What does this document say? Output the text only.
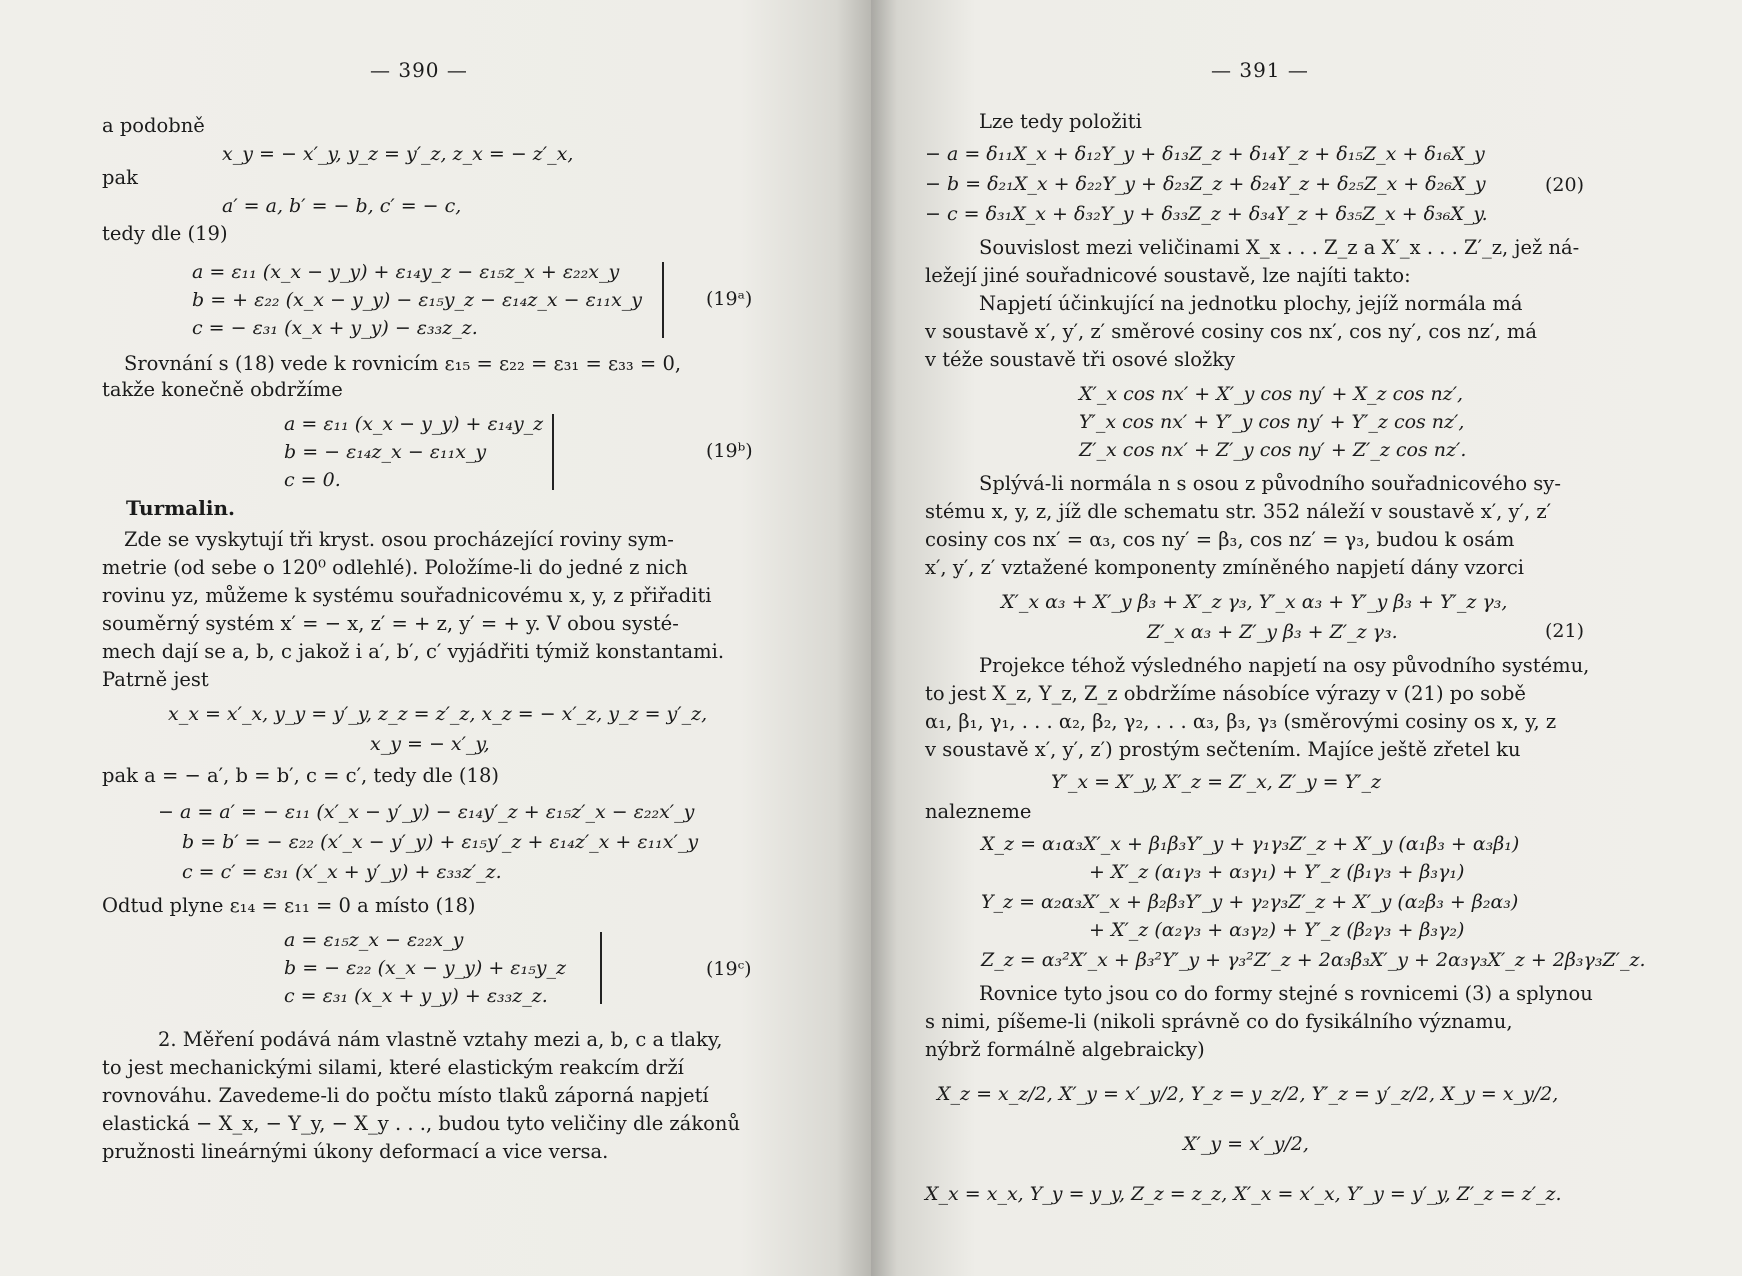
— 390 —
a podobně
x_y = − x′_y, y_z = y′_z, z_x = − z′_x,
pak
a′ = a, b′ = − b, c′ = − c,
tedy dle (19)
a = ε₁₁ (x_x − y_y) + ε₁₄y_z − ε₁₅z_x + ε₂₂x_y
b = + ε₂₂ (x_x − y_y) − ε₁₅y_z − ε₁₄z_x − ε₁₁x_y
c = − ε₃₁ (x_x + y_y) − ε₃₃z_z.
(19ᵃ)
Srovnání s (18) vede k rovnicím ε₁₅ = ε₂₂ = ε₃₁ = ε₃₃ = 0,
takže konečně obdržíme
a = ε₁₁ (x_x − y_y) + ε₁₄y_z
b = − ε₁₄z_x − ε₁₁x_y
c = 0.
(19ᵇ)
Turmalin.
Zde se vyskytují tři kryst. osou procházející roviny sym-
metrie (od sebe o 120⁰ odlehlé). Položíme-li do jedné z nich
rovinu yz, můžeme k systému souřadnicovému x, y, z přiřaditi
souměrný systém x′ = − x, z′ = + z, y′ = + y. V obou systé-
mech dají se a, b, c jakož i a′, b′, c′ vyjádřiti týmiž konstantami.
Patrně jest
x_x = x′_x, y_y = y′_y, z_z = z′_z, x_z = − x′_z, y_z = y′_z,
x_y = − x′_y,
pak a = − a′, b = b′, c = c′, tedy dle (18)
− a = a′ = − ε₁₁ (x′_x − y′_y) − ε₁₄y′_z + ε₁₅z′_x − ε₂₂x′_y
b = b′ = − ε₂₂ (x′_x − y′_y) + ε₁₅y′_z + ε₁₄z′_x + ε₁₁x′_y
c = c′ = ε₃₁ (x′_x + y′_y) + ε₃₃z′_z.
Odtud plyne ε₁₄ = ε₁₁ = 0 a místo (18)
a = ε₁₅z_x − ε₂₂x_y
b = − ε₂₂ (x_x − y_y) + ε₁₅y_z
c = ε₃₁ (x_x + y_y) + ε₃₃z_z.
(19ᶜ)
2. Měření podává nám vlastně vztahy mezi a, b, c a tlaky,
to jest mechanickými silami, které elastickým reakcím drží
rovnováhu. Zavedeme-li do počtu místo tlaků záporná napjetí
elastická − X_x, − Y_y, − X_y . . ., budou tyto veličiny dle zákonů
pružnosti lineárnými úkony deformací a vice versa.
— 391 —
Lze tedy položiti
− a = δ₁₁X_x + δ₁₂Y_y + δ₁₃Z_z + δ₁₄Y_z + δ₁₅Z_x + δ₁₆X_y
− b = δ₂₁X_x + δ₂₂Y_y + δ₂₃Z_z + δ₂₄Y_z + δ₂₅Z_x + δ₂₆X_y
− c = δ₃₁X_x + δ₃₂Y_y + δ₃₃Z_z + δ₃₄Y_z + δ₃₅Z_x + δ₃₆X_y.
(20)
Souvislost mezi veličinami X_x . . . Z_z a X′_x . . . Z′_z, jež ná-
ležejí jiné souřadnicové soustavě, lze najíti takto:
Napjetí účinkující na jednotku plochy, jejíž normála má
v soustavě x′, y′, z′ směrové cosiny cos nx′, cos ny′, cos nz′, má
v téže soustavě tři osové složky
X′_x cos nx′ + X′_y cos ny′ + X_z cos nz′,
Y′_x cos nx′ + Y′_y cos ny′ + Y′_z cos nz′,
Z′_x cos nx′ + Z′_y cos ny′ + Z′_z cos nz′.
Splývá-li normála n s osou z původního souřadnicového sy-
stému x, y, z, jíž dle schematu str. 352 náleží v soustavě x′, y′, z′
cosiny cos nx′ = α₃, cos ny′ = β₃, cos nz′ = γ₃, budou k osám
x′, y′, z′ vztažené komponenty zmíněného napjetí dány vzorci
X′_x α₃ + X′_y β₃ + X′_z γ₃, Y′_x α₃ + Y′_y β₃ + Y′_z γ₃,
Z′_x α₃ + Z′_y β₃ + Z′_z γ₃.	(21)
Projekce téhož výsledného napjetí na osy původního systému,
to jest X_z, Y_z, Z_z obdržíme násobíce výrazy v (21) po sobě
α₁, β₁, γ₁, . . . α₂, β₂, γ₂, . . . α₃, β₃, γ₃ (směrovými cosiny os x, y, z
v soustavě x′, y′, z′) prostým sečtením. Majíce ještě zřetel ku
Y′_x = X′_y, X′_z = Z′_x, Z′_y = Y′_z
nalezneme
X_z = α₁α₃X′_x + β₁β₃Y′_y + γ₁γ₃Z′_z + X′_y (α₁β₃ + α₃β₁)
+ X′_z (α₁γ₃ + α₃γ₁) + Y′_z (β₁γ₃ + β₃γ₁)
Y_z = α₂α₃X′_x + β₂β₃Y′_y + γ₂γ₃Z′_z + X′_y (α₂β₃ + β₂α₃)
+ X′_z (α₂γ₃ + α₃γ₂) + Y′_z (β₂γ₃ + β₃γ₂)
Z_z = α₃²X′_x + β₃²Y′_y + γ₃²Z′_z + 2α₃β₃X′_y + 2α₃γ₃X′_z + 2β₃γ₃Z′_z.
Rovnice tyto jsou co do formy stejné s rovnicemi (3) a splynou
s nimi, píšeme-li (nikoli správně co do fysikálního významu,
nýbrž formálně algebraicky)
X_z = x_z/2, X′_y = x′_y/2, Y_z = y_z/2, Y′_z = y′_z/2, X_y = x_y/2,
X′_y = x′_y/2,
X_x = x_x, Y_y = y_y, Z_z = z_z, X′_x = x′_x, Y′_y = y′_y, Z′_z = z′_z.
